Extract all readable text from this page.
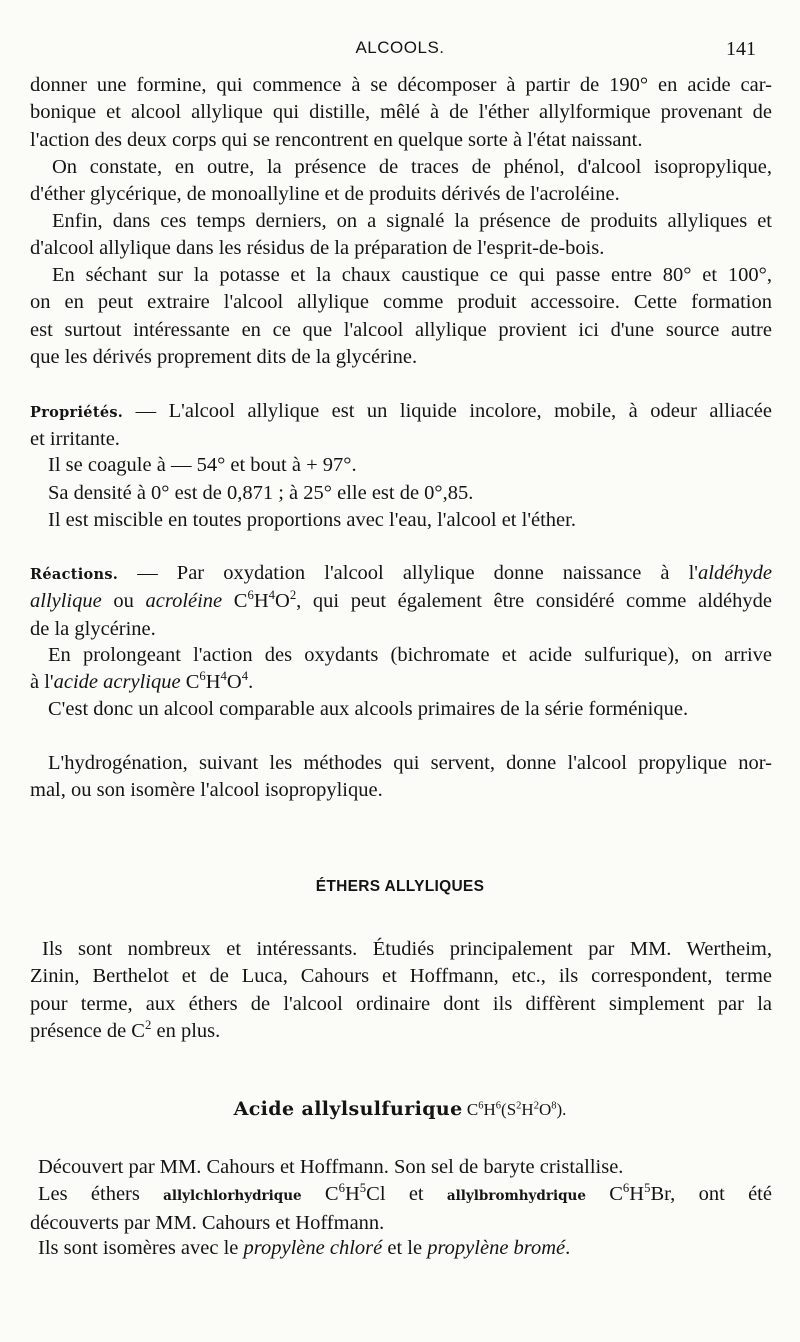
ALCOOLS.	141
donner une formine, qui commence à se décomposer à partir de 190° en acide car-
bonique et alcool allylique qui distille, mêlé à de l'éther allylformique provenant de
l'action des deux corps qui se rencontrent en quelque sorte à l'état naissant.
On constate, en outre, la présence de traces de phénol, d'alcool isopropylique,
d'éther glycérique, de monoallyline et de produits dérivés de l'acroléine.
Enfin, dans ces temps derniers, on a signalé la présence de produits allyliques et
d'alcool allylique dans les résidus de la préparation de l'esprit-de-bois.
En séchant sur la potasse et la chaux caustique ce qui passe entre 80° et 100°,
on en peut extraire l'alcool allylique comme produit accessoire. Cette formation
est surtout intéressante en ce que l'alcool allylique provient ici d'une source autre
que les dérivés proprement dits de la glycérine.
Propriétés. — L'alcool allylique est un liquide incolore, mobile, à odeur alliacée
et irritante.
Il se coagule à — 54° et bout à + 97°.
Sa densité à 0° est de 0,871 ; à 25° elle est de 0°,85.
Il est miscible en toutes proportions avec l'eau, l'alcool et l'éther.
Réactions. — Par oxydation l'alcool allylique donne naissance à l'aldéhyde
allylique ou acroléine $C^6H^4O^2$, qui peut également être considéré comme aldéhyde
de la glycérine.
En prolongeant l'action des oxydants (bichromate et acide sulfurique), on arrive
à l'acide acrylique $C^6H^4O^4$.
C'est donc un alcool comparable aux alcools primaires de la série forménique.
L'hydrogénation, suivant les méthodes qui servent, donne l'alcool propylique nor-
mal, ou son isomère l'alcool isopropylique.
ÉTHERS ALLYLIQUES
Ils sont nombreux et intéressants. Étudiés principalement par MM. Wertheim,
Zinin, Berthelot et de Luca, Cahours et Hoffmann, etc., ils correspondent, terme
pour terme, aux éthers de l'alcool ordinaire dont ils diffèrent simplement par la
présence de $C^2$ en plus.
Acide allylsulfurique $C^6H^6(S^2H^2O^8)$.
Découvert par MM. Cahours et Hoffmann. Son sel de baryte cristallise.
Les éthers allylchlorhydrique $C^6H^5Cl$ et allylbromhydrique $C^6H^5Br$, ont été
découverts par MM. Cahours et Hoffmann.
Ils sont isomères avec le propylène chloré et le propylène bromé.
